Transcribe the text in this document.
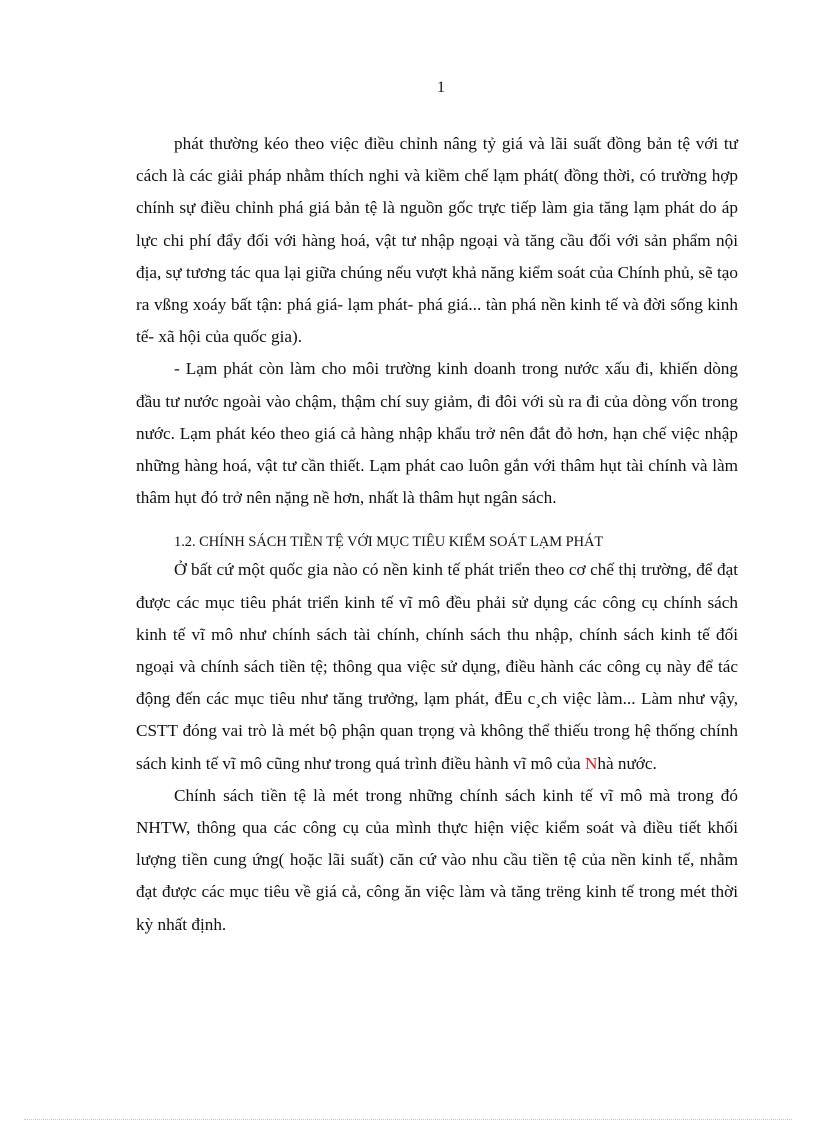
1

phát thường kéo theo việc điều chỉnh nâng tỷ giá và lãi suất đồng bản tệ với tư cách là các giải pháp nhằm thích nghi và kiềm chế lạm phát( đồng thời, có trường hợp chính sự điều chỉnh phá giá bản tệ là nguồn gốc trực tiếp làm gia tăng lạm phát do áp lực chi phí đẩy đối với hàng hoá, vật tư nhập ngoại và tăng cầu đối với sản phẩm nội địa, sự tương tác qua lại giữa chúng nếu vượt khả năng kiểm soát của Chính phủ, sẽ tạo ra vßng xoáy bất tận: phá giá- lạm phát- phá giá... tàn phá nền kinh tế và đời sống kinh tế- xã hội của quốc gia).

- Lạm phát còn làm cho môi trường kinh doanh trong nước xấu đi, khiến dòng đầu tư nước ngoài vào chậm, thậm chí suy giảm, đi đôi với sù ra đi của dòng vốn trong nước. Lạm phát kéo theo giá cả hàng nhập khẩu trở nên đắt đỏ hơn, hạn chế việc nhập những hàng hoá, vật tư cần thiết. Lạm phát cao luôn gắn với thâm hụt tài chính và làm thâm hụt đó trở nên nặng nề hơn, nhất là thâm hụt ngân sách.

1.2. CHÍNH SÁCH TIỀN TỆ VỚI MỤC TIÊU KIỂM SOÁT LẠM PHÁT

Ở bất cứ một quốc gia nào có nền kinh tế phát triển theo cơ chế thị trường, để đạt được các mục tiêu phát triển kinh tế vĩ mô đều phải sử dụng các công cụ chính sách kinh tế vĩ mô như chính sách tài chính, chính sách thu nhập, chính sách kinh tế đối ngoại và chính sách tiền tệ; thông qua việc sử dụng, điều hành các công cụ này để tác động đến các mục tiêu như tăng trưởng, lạm phát, đĒu c¸ch việc làm... Làm như vậy, CSTT đóng vai trò là mét bộ phận quan trọng và không thể thiếu trong hệ thống chính sách kinh tế vĩ mô cũng như trong quá trình điều hành vĩ mô của Nhà nước.

Chính sách tiền tệ là mét trong những chính sách kinh tế vĩ mô mà trong đó NHTW, thông qua các công cụ của mình thực hiện việc kiểm soát và điều tiết khối lượng tiền cung ứng( hoặc lãi suất) căn cứ vào nhu cầu tiền tệ của nền kinh tế, nhằm đạt được các mục tiêu về giá cả, công ăn việc làm và tăng trëng kinh tế trong mét thời kỳ nhất định.
